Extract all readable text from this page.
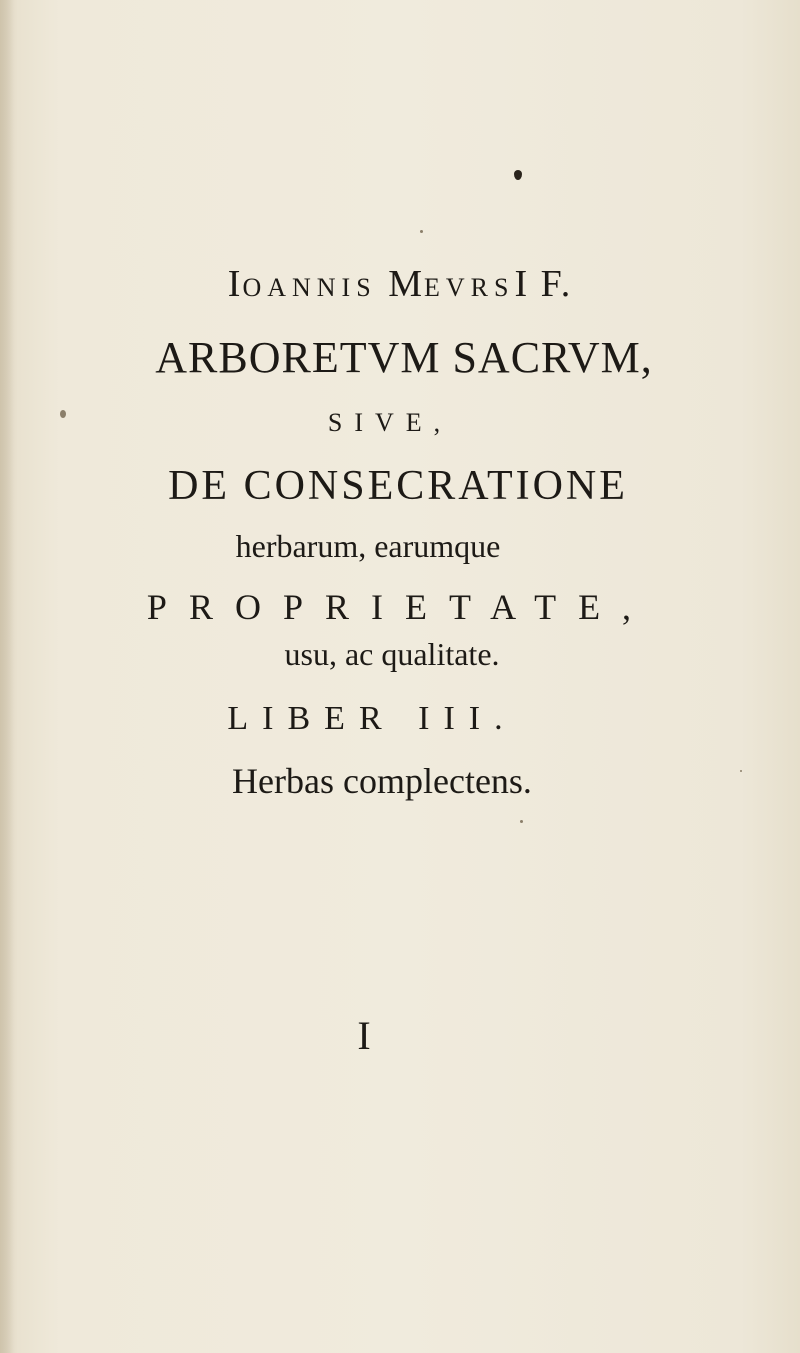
IOANNIS MEVRSI F.
ARBORETVM SACRVM,
SIVE,
DE CONSECRATIONE
herbarum, earumque
PROPRIETATE,
usu, ac qualitate.
LIBER III.
Herbas complectens.
I
